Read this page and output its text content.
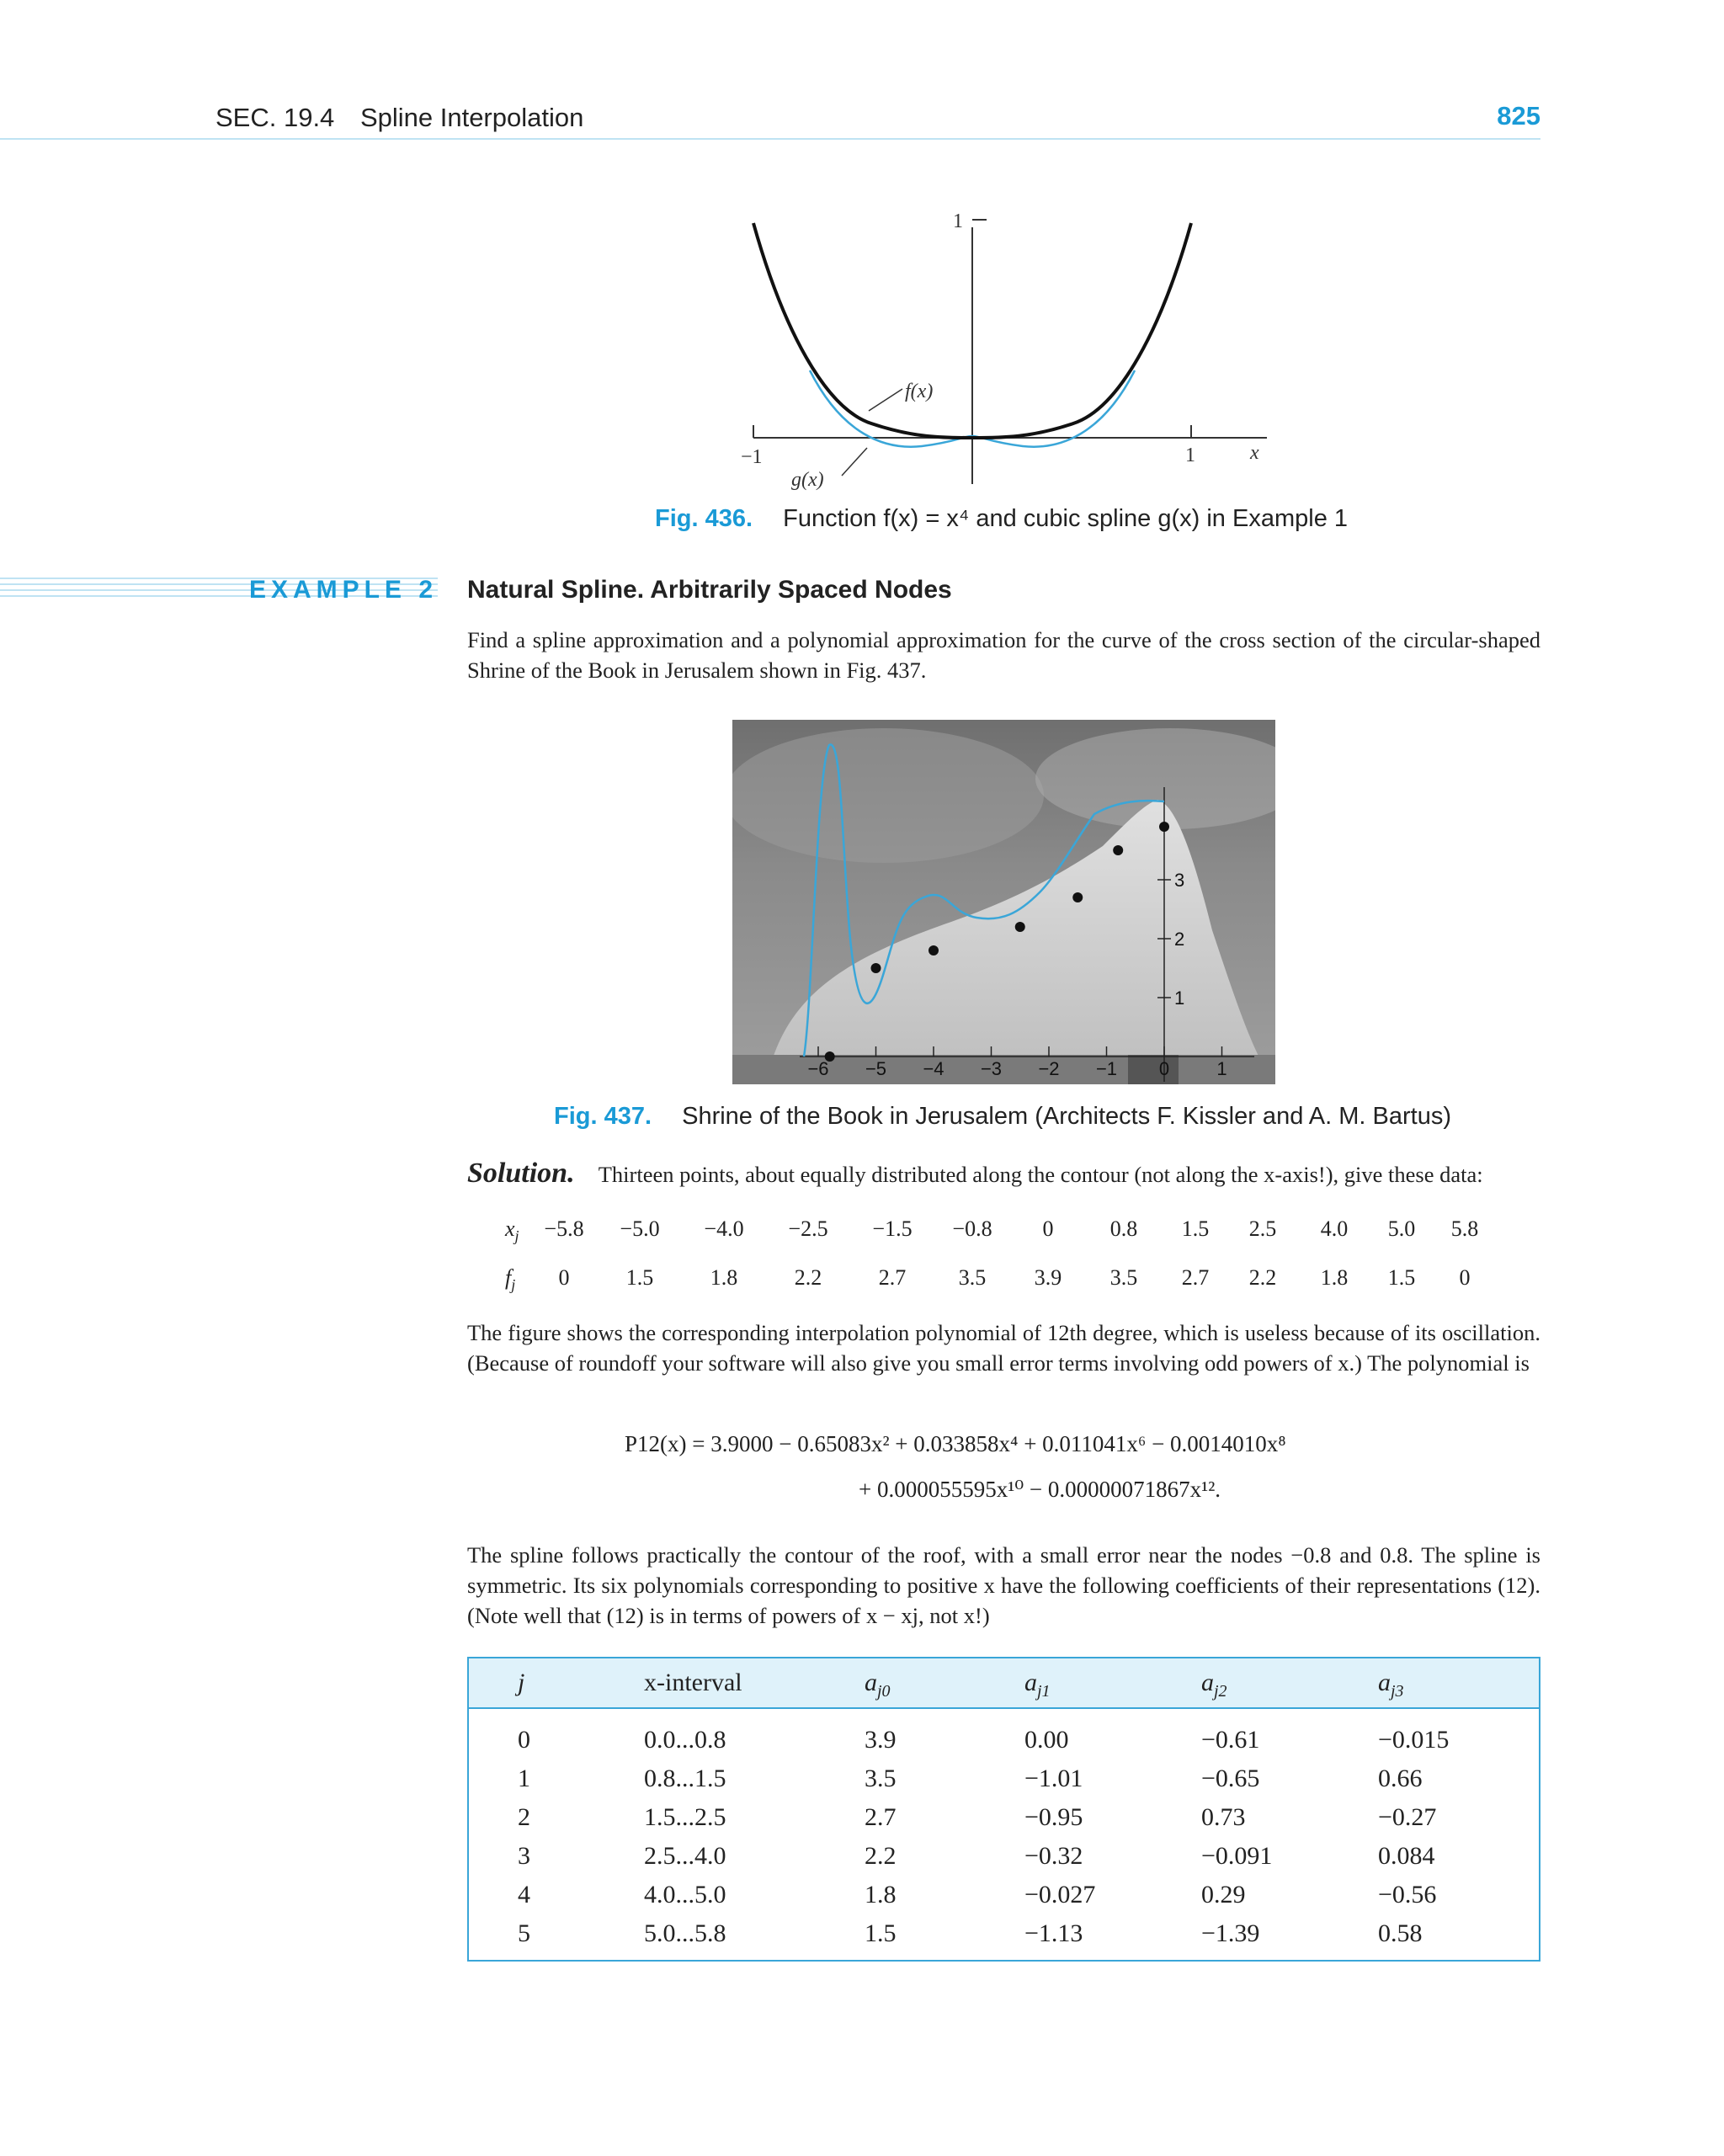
SEC. 19.4 Spline Interpolation	825
−1	1
1
x
f(x)
g(x)
Fig. 436. Function f(x) = x⁴ and cubic spline g(x) in Example 1
EXAMPLE 2 Natural Spline. Arbitrarily Spaced Nodes
Find a spline approximation and a polynomial approximation for the curve of the cross section of the circular-shaped Shrine of the Book in Jerusalem shown in Fig. 437.
−6 −5 −4 −3 −2 −1 0	1
1
2
3
Fig. 437. Shrine of the Book in Jerusalem (Architects F. Kissler and A. M. Bartus)
Solution. Thirteen points, about equally distributed along the contour (not along the x-axis!), give these data:
$x_j$	−5.8	−5.0	−4.0	−2.5	−1.5	−0.8	0	0.8	1.5	2.5	4.0	5.0	5.8
$f_j$	0	1.5	1.8	2.2	2.7	3.5	3.9	3.5	2.7	2.2	1.8	1.5	0
The figure shows the corresponding interpolation polynomial of 12th degree, which is useless because of its oscillation. (Because of roundoff your software will also give you small error terms involving odd powers of x.) The polynomial is
P12(x) = 3.9000 − 0.65083x² + 0.033858x⁴ + 0.011041x⁶ − 0.0014010x⁸
+ 0.000055595x¹⁰ − 0.00000071867x¹².
The spline follows practically the contour of the roof, with a small error near the nodes −0.8 and 0.8. The spline is symmetric. Its six polynomials corresponding to positive x have the following coefficients of their representations (12). (Note well that (12) is in terms of powers of x − xj, not x!)
j	x-interval	$a_{j0}$	$a_{j1}$	$a_{j2}$	$a_{j3}$
0	0.0...0.8	3.9	0.00	−0.61	−0.015
1	0.8...1.5	3.5	−1.01	−0.65	0.66
2	1.5...2.5	2.7	−0.95	0.73	−0.27
3	2.5...4.0	2.2	−0.32	−0.091	0.084
4	4.0...5.0	1.8	−0.027	0.29	−0.56
5	5.0...5.8	1.5	−1.13	−1.39	0.58
